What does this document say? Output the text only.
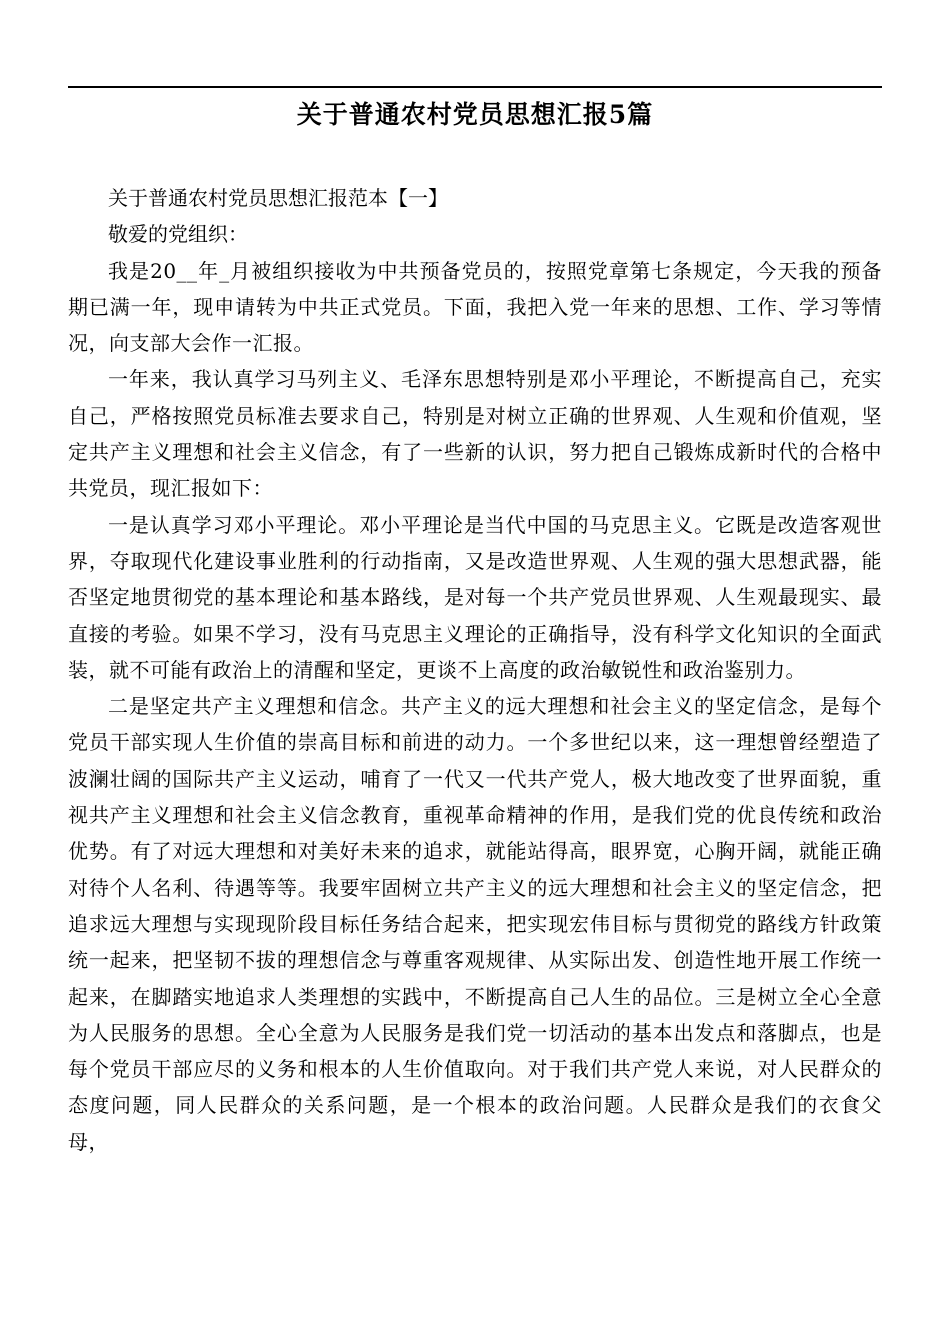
关于普通农村党员思想汇报5篇

关于普通农村党员思想汇报范本【一】

敬爱的党组织：

我是20__年_月被组织接收为中共预备党员的，按照党章第七条规定，今天我的预备期已满一年，现申请转为中共正式党员。下面，我把入党一年来的思想、工作、学习等情况，向支部大会作一汇报。

一年来，我认真学习马列主义、毛泽东思想特别是邓小平理论，不断提高自己，充实自己，严格按照党员标准去要求自己，特别是对树立正确的世界观、人生观和价值观，坚定共产主义理想和社会主义信念，有了一些新的认识，努力把自己锻炼成新时代的合格中共党员，现汇报如下：

一是认真学习邓小平理论。邓小平理论是当代中国的马克思主义。它既是改造客观世界，夺取现代化建设事业胜利的行动指南，又是改造世界观、人生观的强大思想武器，能否坚定地贯彻党的基本理论和基本路线，是对每一个共产党员世界观、人生观最现实、最直接的考验。如果不学习，没有马克思主义理论的正确指导，没有科学文化知识的全面武装，就不可能有政治上的清醒和坚定，更谈不上高度的政治敏锐性和政治鉴别力。

二是坚定共产主义理想和信念。共产主义的远大理想和社会主义的坚定信念，是每个党员干部实现人生价值的崇高目标和前进的动力。一个多世纪以来，这一理想曾经塑造了波澜壮阔的国际共产主义运动，哺育了一代又一代共产党人，极大地改变了世界面貌，重视共产主义理想和社会主义信念教育，重视革命精神的作用，是我们党的优良传统和政治优势。有了对远大理想和对美好未来的追求，就能站得高，眼界宽，心胸开阔，就能正确对待个人名利、待遇等等。我要牢固树立共产主义的远大理想和社会主义的坚定信念，把追求远大理想与实现现阶段目标任务结合起来，把实现宏伟目标与贯彻党的路线方针政策统一起来，把坚韧不拔的理想信念与尊重客观规律、从实际出发、创造性地开展工作统一起来，在脚踏实地追求人类理想的实践中，不断提高自己人生的品位。三是树立全心全意为人民服务的思想。全心全意为人民服务是我们党一切活动的基本出发点和落脚点，也是每个党员干部应尽的义务和根本的人生价值取向。对于我们共产党人来说，对人民群众的态度问题，同人民群众的关系问题，是一个根本的政治问题。人民群众是我们的衣食父母，
